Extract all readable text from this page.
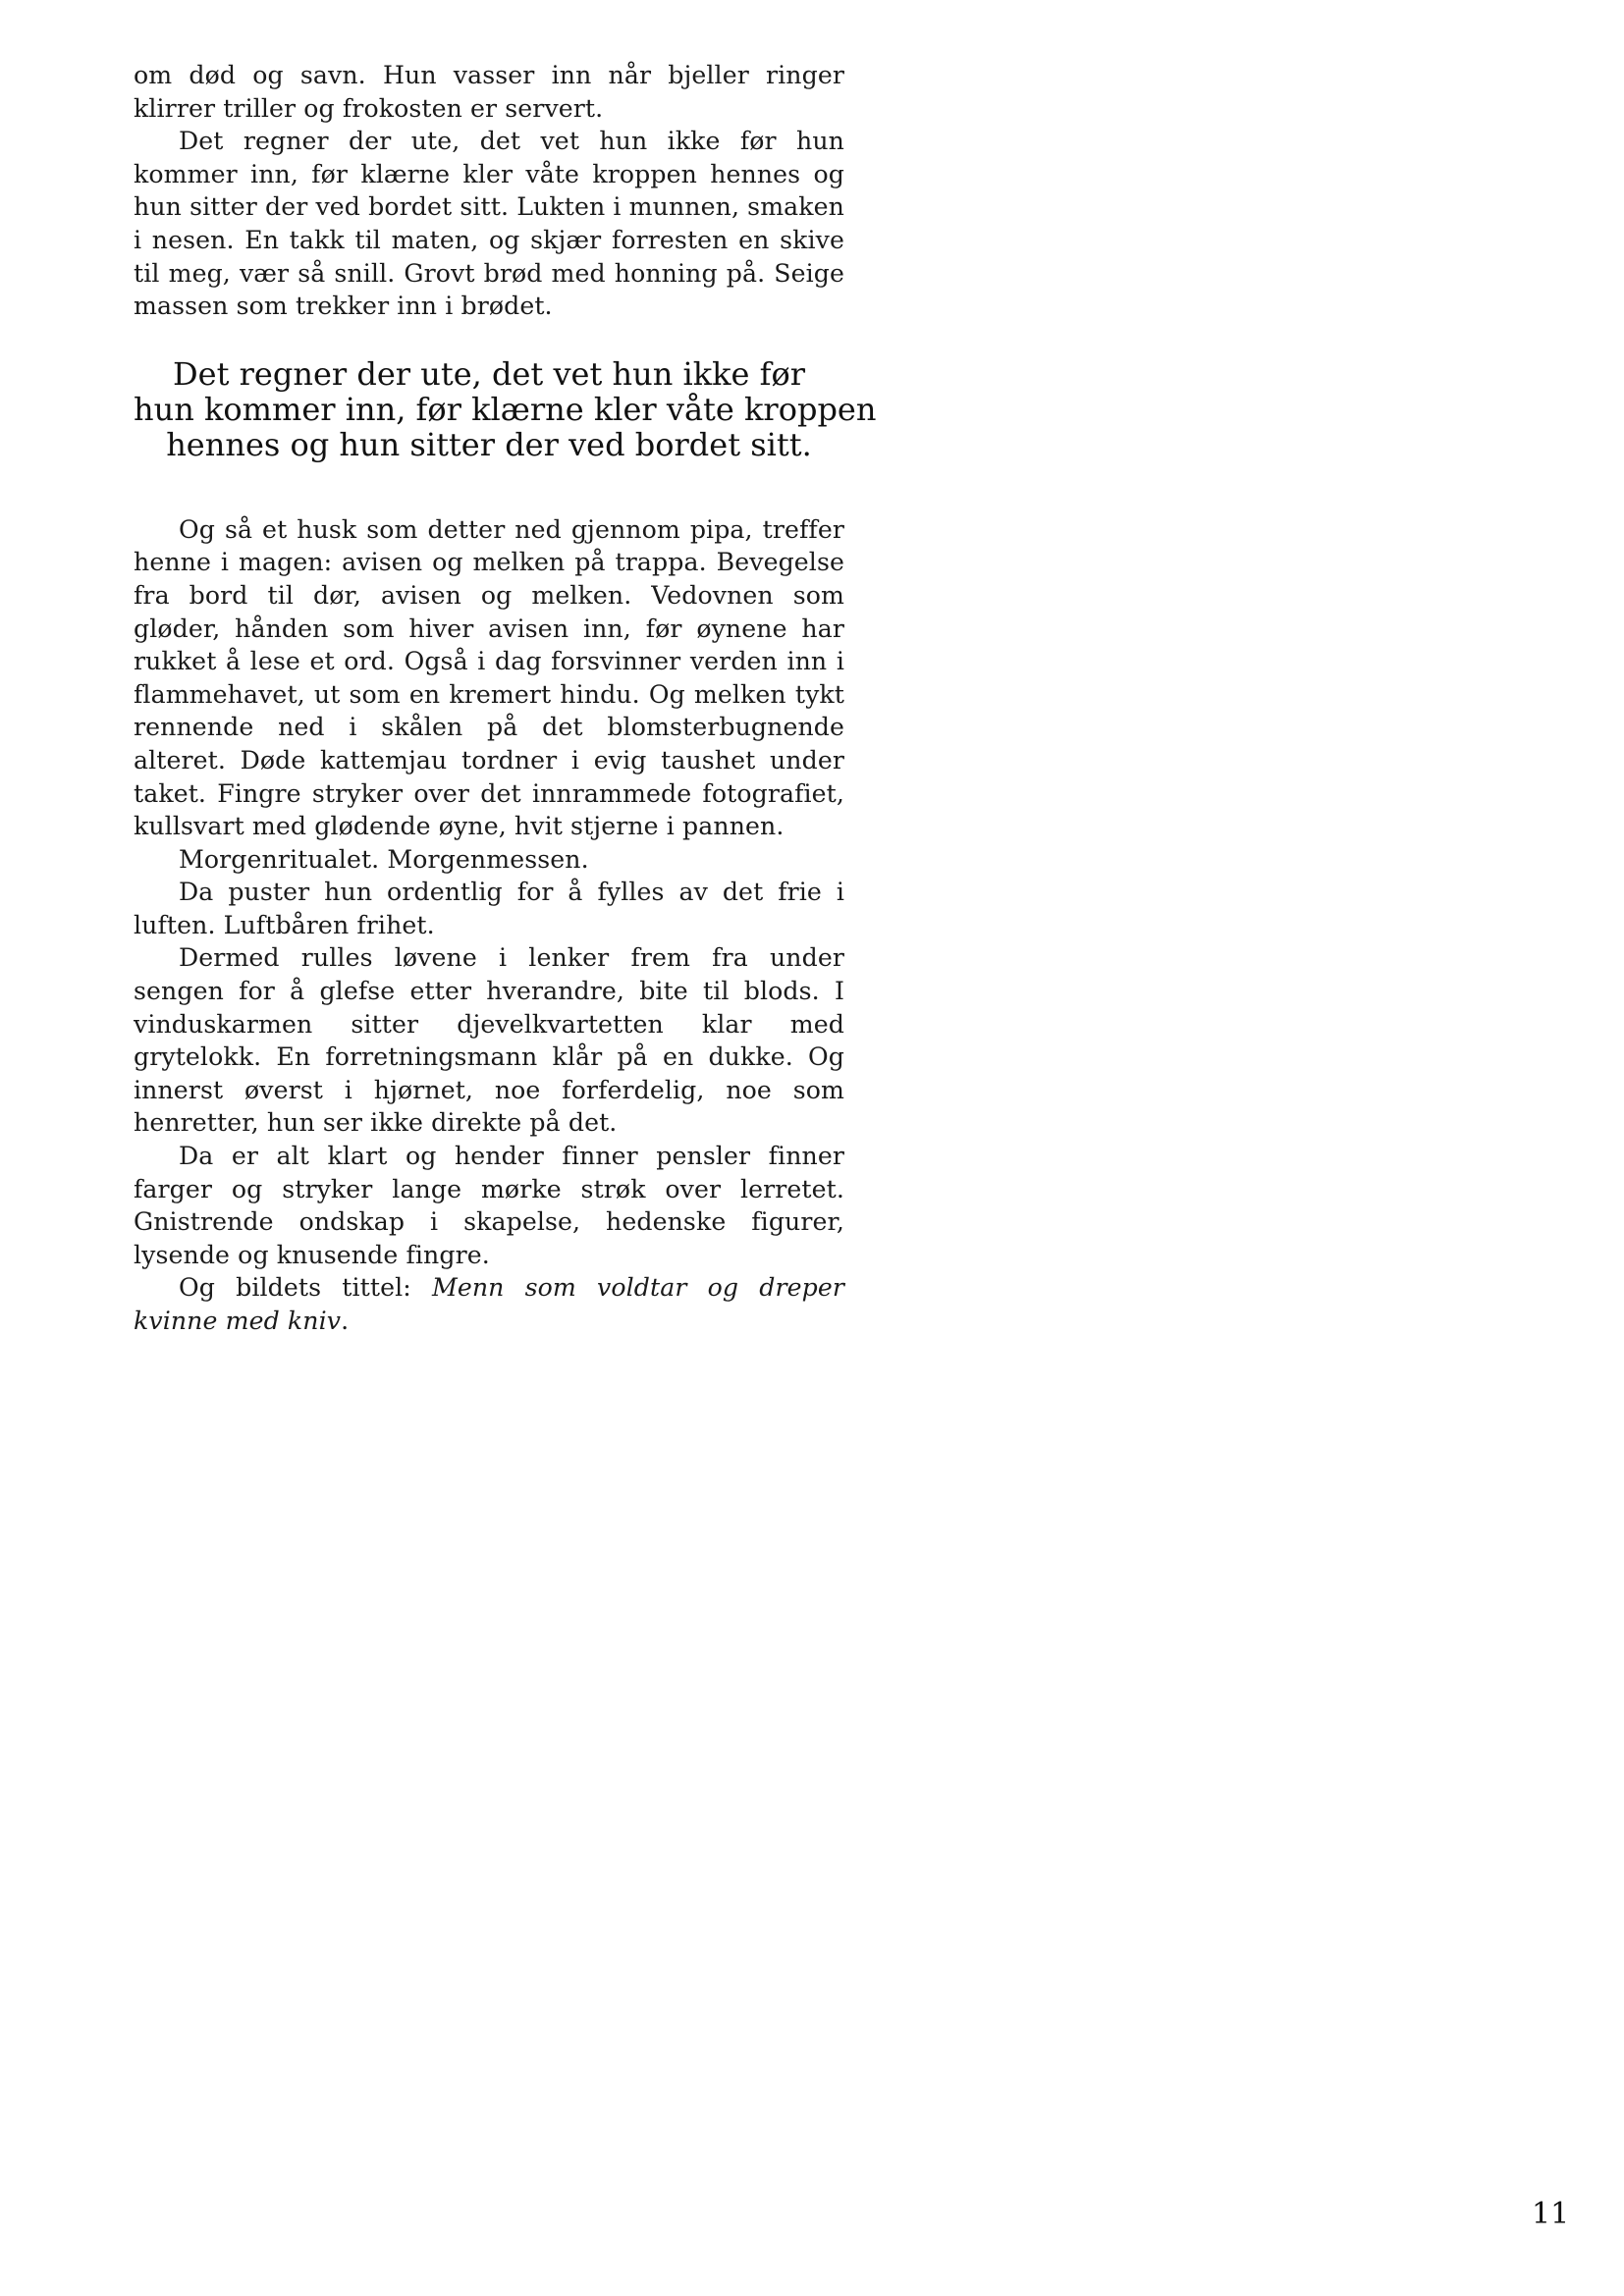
om død og savn. Hun vasser inn når bjeller ringer klirrer triller og frokosten er servert.

Det regner der ute, det vet hun ikke før hun kommer inn, før klærne kler våte kroppen hennes og hun sitter der ved bordet sitt. Lukten i munnen, smaken i nesen. En takk til maten, og skjær forresten en skive til meg, vær så snill. Grovt brød med honning på. Seige massen som trekker inn i brødet.

Det regner der ute, det vet hun ikke før
hun kommer inn, før klærne kler våte kroppen
hennes og hun sitter der ved bordet sitt.

Og så et husk som detter ned gjennom pipa, treffer henne i magen: avisen og melken på trappa. Bevegelse fra bord til dør, avisen og melken. Vedovnen som gløder, hånden som hiver avisen inn, før øynene har rukket å lese et ord. Også i dag forsvinner verden inn i flammehavet, ut som en kremert hindu. Og melken tykt rennende ned i skålen på det blomsterbugnende alteret. Døde kattemjau tordner i evig taushet under taket. Fingre stryker over det innrammede fotografiet, kullsvart med glødende øyne, hvit stjerne i pannen.

Morgenritualet. Morgenmessen.

Da puster hun ordentlig for å fylles av det frie i luften. Luftbåren frihet.

Dermed rulles løvene i lenker frem fra under sengen for å glefse etter hverandre, bite til blods. I vinduskarmen sitter djevelkvartetten klar med grytelokk. En forretningsmann klår på en dukke. Og innerst øverst i hjørnet, noe forferdelig, noe som henretter, hun ser ikke direkte på det.

Da er alt klart og hender finner pensler finner farger og stryker lange mørke strøk over lerretet. Gnistrende ondskap i skapelse, hedenske figurer, lysende og knusende fingre.

Og bildets tittel: Menn som voldtar og dreper kvinne med kniv.

11
